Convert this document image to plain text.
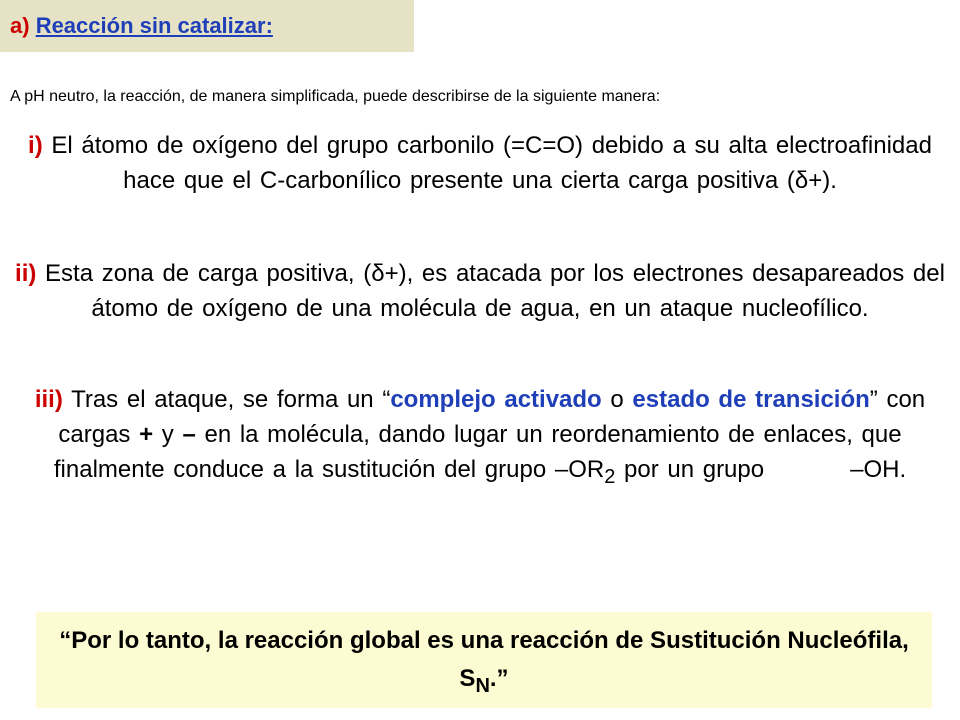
a) Reacción sin catalizar:
A pH neutro, la reacción, de manera simplificada, puede describirse de la siguiente manera:
i) El átomo de oxígeno del grupo carbonilo (=C=O) debido a su alta electroafinidad hace que el C-carbonílico presente una cierta carga positiva (δ+).
ii) Esta zona de carga positiva, (δ+), es atacada por los electrones desapareados del átomo de oxígeno de una molécula de agua, en un ataque nucleofílico.
iii) Tras el ataque, se forma un “complejo activado o estado de transición” con cargas + y – en la molécula, dando lugar un reordenamiento de enlaces, que finalmente conduce a la sustitución del grupo $-OR_2$ por un grupo	–OH.
“Por lo tanto, la reacción global es una reacción de Sustitución Nucleófila, $S_N$.”
